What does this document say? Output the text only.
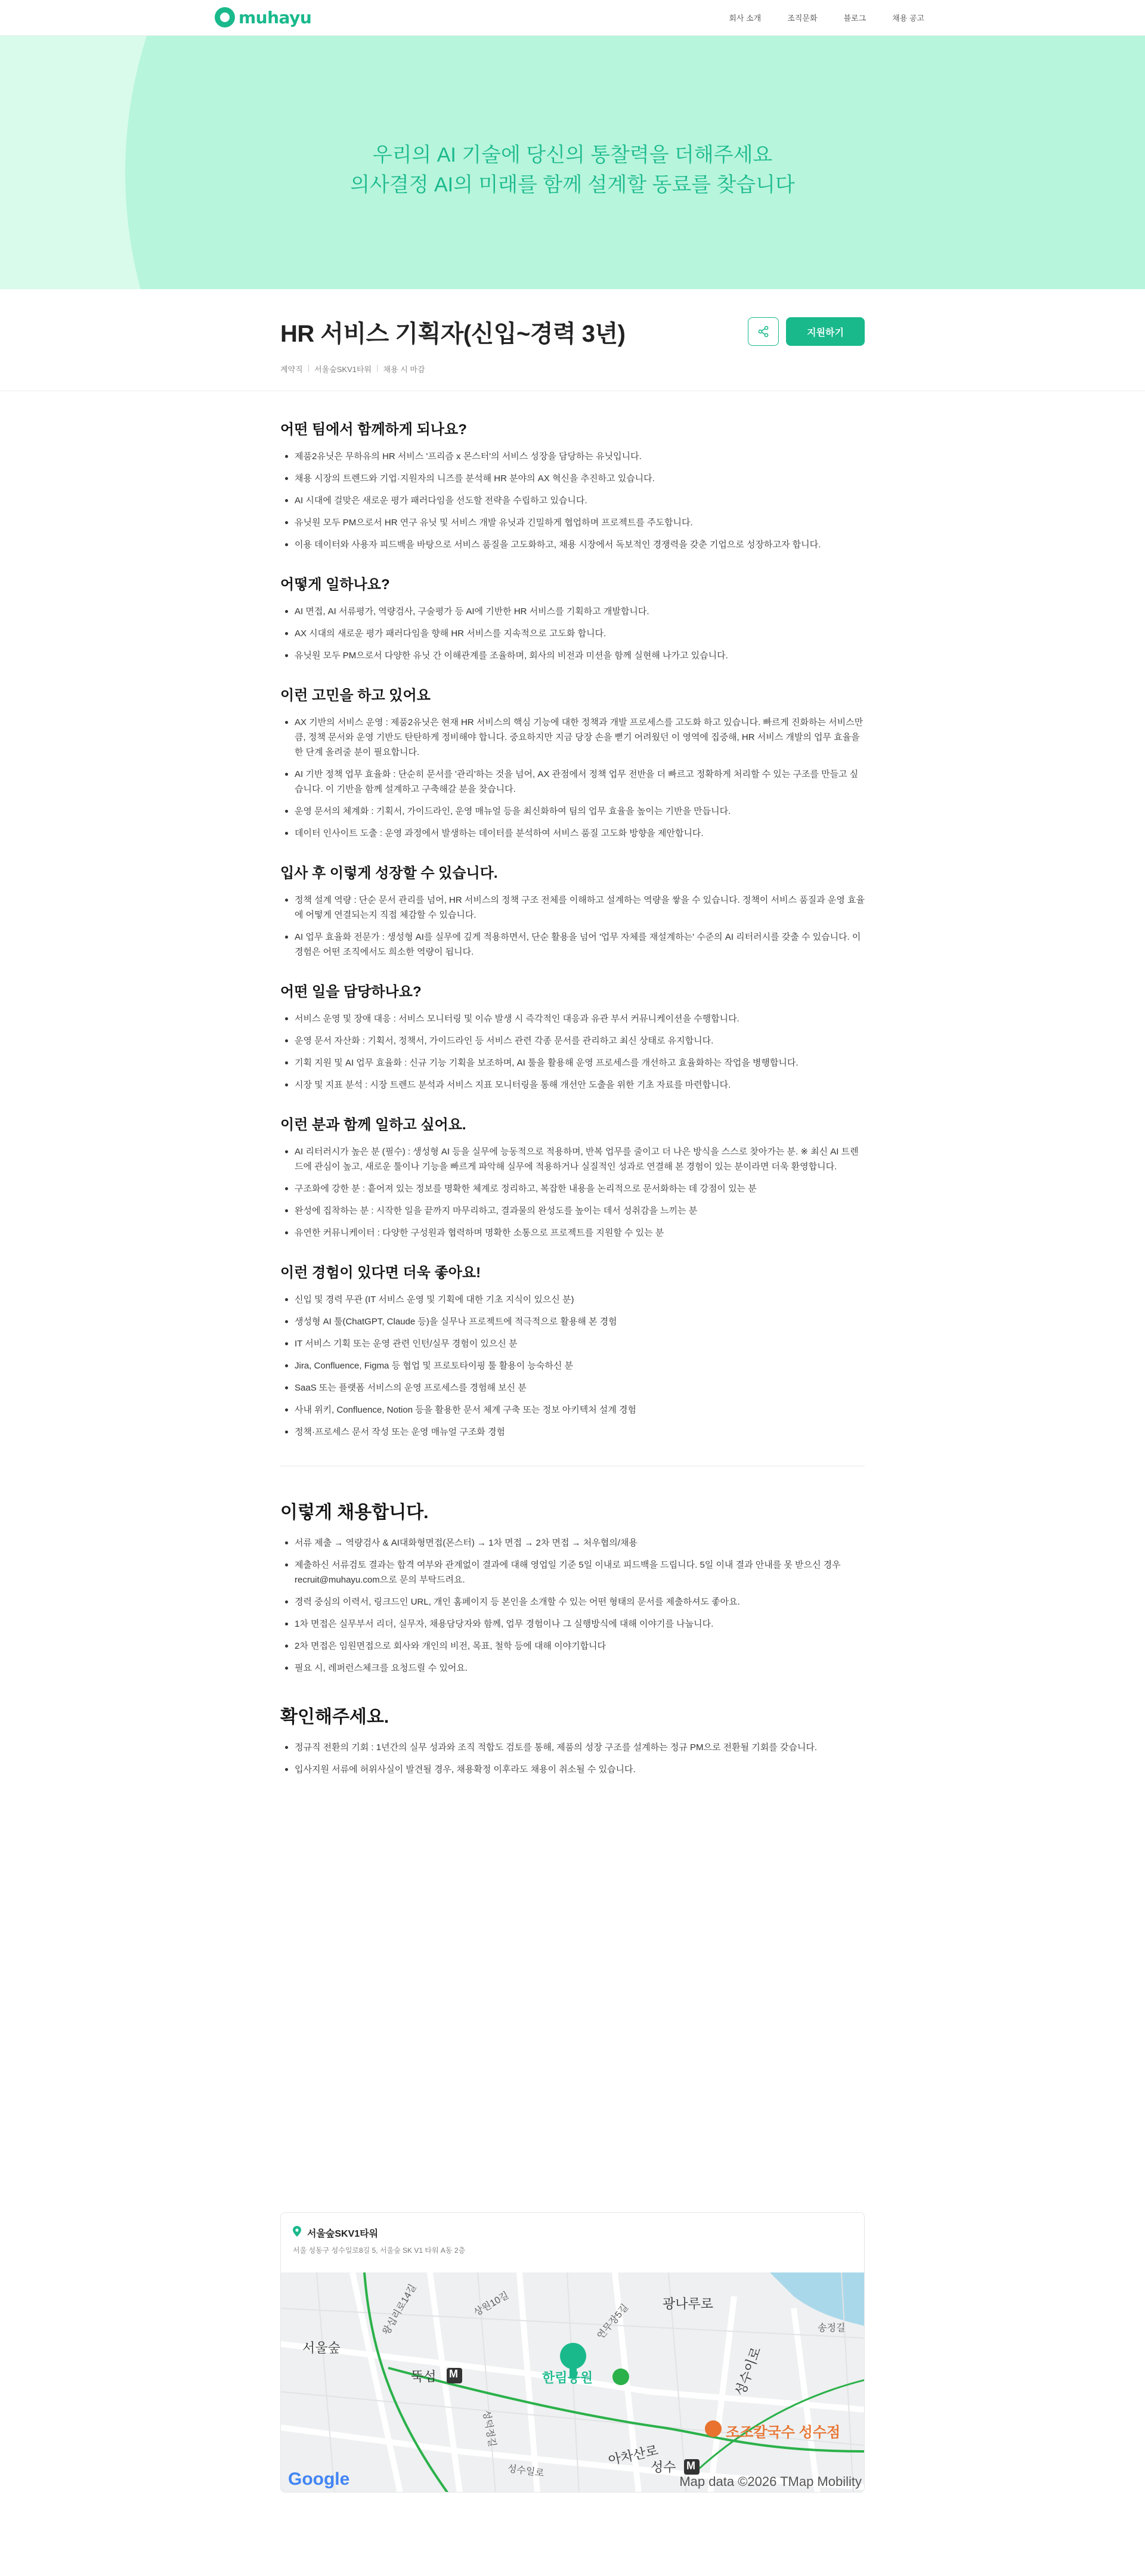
muhayu	회사 소개	조직문화	블로그	채용 공고
우리의 AI 기술에 당신의 통찰력을 더해주세요
의사결정 AI의 미래를 함께 설계할 동료를 찾습니다
HR 서비스 기획자(신입~경력 3년)
계약직 | 서울숲SKV1타워 | 채용 시 마감
지원하기
어떤 팀에서 함께하게 되나요?
제품2유닛은 무하유의 HR 서비스 '프리즘 x 몬스터'의 서비스 성장을 담당하는 유닛입니다.
채용 시장의 트렌드와 기업·지원자의 니즈를 분석해 HR 분야의 AX 혁신을 추진하고 있습니다.
AI 시대에 걸맞은 새로운 평가 패러다임을 선도할 전략을 수립하고 있습니다.
유닛원 모두 PM으로서 HR 연구 유닛 및 서비스 개발 유닛과 긴밀하게 협업하며 프로젝트를 주도합니다.
이용 데이터와 사용자 피드백을 바탕으로 서비스 품질을 고도화하고, 채용 시장에서 독보적인 경쟁력을 갖춘 기업으로 성장하고자 합니다.
어떻게 일하나요?
AI 면접, AI 서류평가, 역량검사, 구술평가 등 AI에 기반한 HR 서비스를 기획하고 개발합니다.
AX 시대의 새로운 평가 패러다임을 향해 HR 서비스를 지속적으로 고도화 합니다.
유닛원 모두 PM으로서 다양한 유닛 간 이해관계를 조율하며, 회사의 비전과 미션을 함께 실현해 나가고 있습니다.
이런 고민을 하고 있어요
AX 기반의 서비스 운영 : 제품2유닛은 현재 HR 서비스의 핵심 기능에 대한 정책과 개발 프로세스를 고도화 하고 있습니다. 빠르게 진화하는 서비스만큼, 정책 문서와 운영 기반도 탄탄하게 정비해야 합니다. 중요하지만 지금 당장 손을 뻗기 어려웠던 이 영역에 집중해, HR 서비스 개발의 업무 효율을 한 단계 올려줄 분이 필요합니다.
AI 기반 정책 업무 효율화 : 단순히 문서를 '관리'하는 것을 넘어, AX 관점에서 정책 업무 전반을 더 빠르고 정확하게 처리할 수 있는 구조를 만들고 싶습니다. 이 기반을 함께 설계하고 구축해갈 분을 찾습니다.
운영 문서의 체계화 : 기획서, 가이드라인, 운영 매뉴얼 등을 최신화하여 팀의 업무 효율을 높이는 기반을 만듭니다.
데이터 인사이트 도출 : 운영 과정에서 발생하는 데이터를 분석하여 서비스 품질 고도화 방향을 제안합니다.
입사 후 이렇게 성장할 수 있습니다.
정책 설계 역량 : 단순 문서 관리를 넘어, HR 서비스의 정책 구조 전체를 이해하고 설계하는 역량을 쌓을 수 있습니다. 정책이 서비스 품질과 운영 효율에 어떻게 연결되는지 직접 체감할 수 있습니다.
AI 업무 효율화 전문가 : 생성형 AI를 실무에 깊게 적용하면서, 단순 활용을 넘어 '업무 자체를 재설계하는' 수준의 AI 리터러시를 갖출 수 있습니다. 이 경험은 어떤 조직에서도 희소한 역량이 됩니다.
어떤 일을 담당하나요?
서비스 운영 및 장애 대응 : 서비스 모니터링 및 이슈 발생 시 즉각적인 대응과 유관 부서 커뮤니케이션을 수행합니다.
운영 문서 자산화 : 기획서, 정책서, 가이드라인 등 서비스 관련 각종 문서를 관리하고 최신 상태로 유지합니다.
기획 지원 및 AI 업무 효율화 : 신규 기능 기획을 보조하며, AI 툴을 활용해 운영 프로세스를 개선하고 효율화하는 작업을 병행합니다.
시장 및 지표 분석 : 시장 트렌드 분석과 서비스 지표 모니터링을 통해 개선안 도출을 위한 기초 자료를 마련합니다.
이런 분과 함께 일하고 싶어요.
AI 리터러시가 높은 분 (필수) : 생성형 AI 등을 실무에 능동적으로 적용하며, 반복 업무를 줄이고 더 나은 방식을 스스로 찾아가는 분. ※ 최신 AI 트렌드에 관심이 높고, 새로운 툴이나 기능을 빠르게 파악해 실무에 적용하거나 실질적인 성과로 연결해 본 경험이 있는 분이라면 더욱 환영합니다.
구조화에 강한 분 : 흩어져 있는 정보를 명확한 체계로 정리하고, 복잡한 내용을 논리적으로 문서화하는 데 강점이 있는 분
완성에 집착하는 분 : 시작한 일을 끝까지 마무리하고, 결과물의 완성도를 높이는 데서 성취감을 느끼는 분
유연한 커뮤니케이터 : 다양한 구성원과 협력하며 명확한 소통으로 프로젝트를 지원할 수 있는 분
이런 경험이 있다면 더욱 좋아요!
신입 및 경력 무관 (IT 서비스 운영 및 기획에 대한 기초 지식이 있으신 분)
생성형 AI 툴(ChatGPT, Claude 등)을 실무나 프로젝트에 적극적으로 활용해 본 경험
IT 서비스 기획 또는 운영 관련 인턴/실무 경험이 있으신 분
Jira, Confluence, Figma 등 협업 및 프로토타이핑 툴 활용이 능숙하신 분
SaaS 또는 플랫폼 서비스의 운영 프로세스를 경험해 보신 분
사내 위키, Confluence, Notion 등을 활용한 문서 체계 구축 또는 정보 아키텍처 설계 경험
정책·프로세스 문서 작성 또는 운영 매뉴얼 구조화 경험
이렇게 채용합니다.
서류 제출 → 역량검사 & AI대화형면접(몬스터) → 1차 면접 → 2차 면접 → 처우협의/채용
제출하신 서류검토 결과는 합격 여부와 관계없이 결과에 대해 영업일 기준 5일 이내로 피드백을 드립니다. 5일 이내 결과 안내를 못 받으신 경우 recruit@muhayu.com으로 문의 부탁드려요.
경력 중심의 이력서, 링크드인 URL, 개인 홈페이지 등 본인을 소개할 수 있는 어떤 형태의 문서를 제출하셔도 좋아요.
1차 면접은 실무부서 리더, 실무자, 채용담당자와 함께, 업무 경험이나 그 실행방식에 대해 이야기를 나눕니다.
2차 면접은 임원면접으로 회사와 개인의 비전, 목표, 철학 등에 대해 이야기합니다
필요 시, 레퍼런스체크를 요청드릴 수 있어요.
확인해주세요.
정규직 전환의 기회 : 1년간의 실무 성과와 조직 적합도 검토를 통해, 제품의 성장 구조를 설계하는 정규 PM으로 전환될 기회를 갖습니다.
입사지원 서류에 허위사실이 발견될 경우, 채용확정 이후라도 채용이 취소될 수 있습니다.
서울숲SKV1타워
서울 성동구 성수일로8길 5, 서울숲 SK V1 타워 A동 2층
서울숲
뚝섬 M	한림공원
성수 M
아차산로
조조칼국수 성수점
광나루로
성수이로
성수일로
연무장5길
성덕정길
송정길
왕십리로14길	상원10길
Google	Map data ©2026 TMap Mobility
